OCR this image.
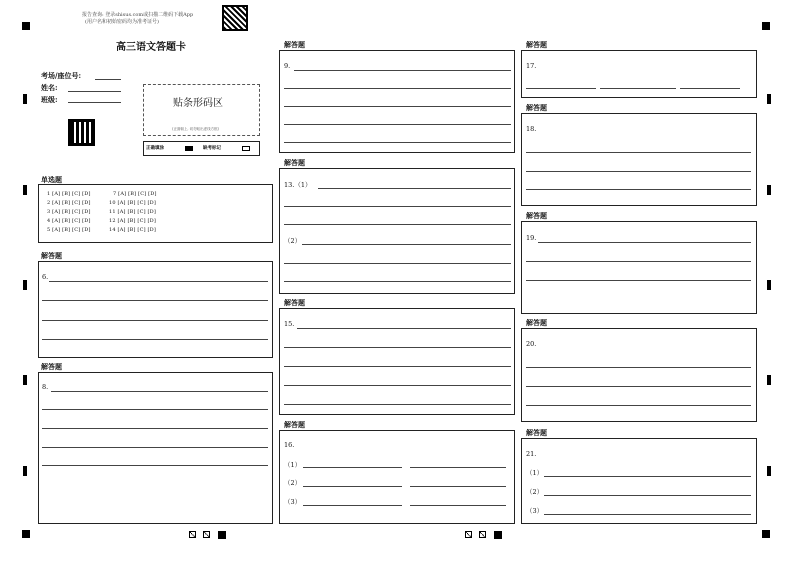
报告查询: 登录shisus.com或扫描二维码下载App
(用户名和初始密码均为准考证号)
高三语文答题卡
考场/座位号:
姓名:
班级:	贴条形码区
(正面朝上, 切勿贴出虚线方框)
正确填涂	缺考标记
单选题
1 [A] [B] [C] [D]
2 [A] [B] [C] [D]
3 [A] [B] [C] [D]
4 [A] [B] [C] [D]
5 [A] [B] [C] [D]
7 [A] [B] [C] [D]
10 [A] [B] [C] [D]
11 [A] [B] [C] [D]
12 [A] [B] [C] [D]
14 [A] [B] [C] [D]
解答题
6.
解答题
8.
解答题
9.
解答题
13.（1）
（2）
解答题
15.
解答题
16.
（1）
（2）
（3）
解答题
17.
解答题
18.
解答题
19.
解答题
20.
解答题
21.
（1）
（2）
（3）
